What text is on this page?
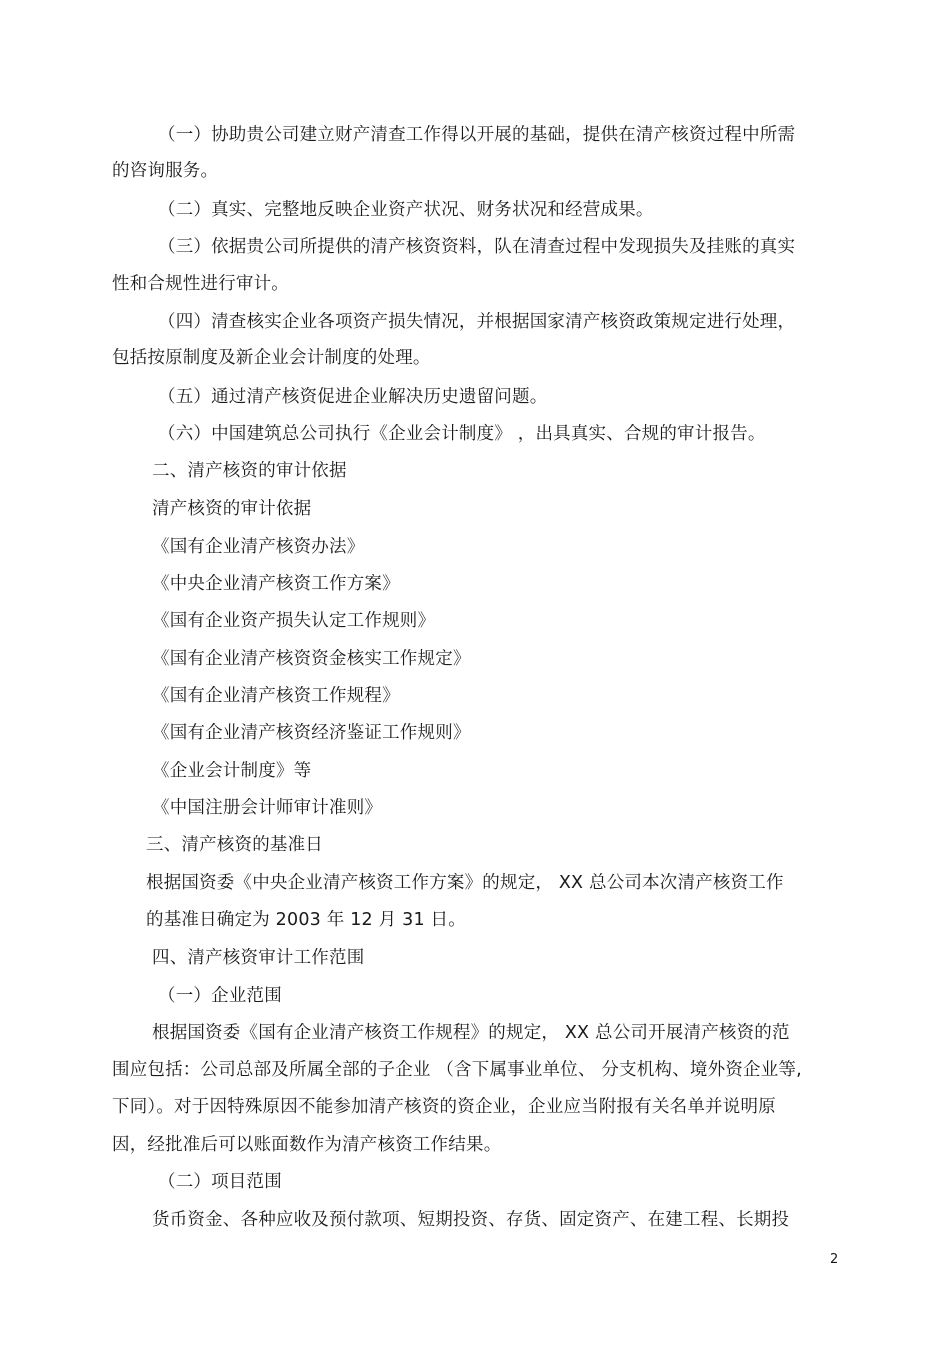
（一）协助贵公司建立财产清查工作得以开展的基础，提供在清产核资过程中所需
的咨询服务。
（二）真实、完整地反映企业资产状况、财务状况和经营成果。
（三）依据贵公司所提供的清产核资资料，队在清查过程中发现损失及挂账的真实
性和合规性进行审计。
（四）清查核实企业各项资产损失情况，并根据国家清产核资政策规定进行处理，
包括按原制度及新企业会计制度的处理。
（五）通过清产核资促进企业解决历史遗留问题。
（六）中国建筑总公司执行《企业会计制度》 ，出具真实、合规的审计报告。
二、清产核资的审计依据
清产核资的审计依据
《国有企业清产核资办法》
《中央企业清产核资工作方案》
《国有企业资产损失认定工作规则》
《国有企业清产核资资金核实工作规定》
《国有企业清产核资工作规程》
《国有企业清产核资经济鉴证工作规则》
《企业会计制度》等
《中国注册会计师审计准则》
三、清产核资的基准日
根据国资委《中央企业清产核资工作方案》的规定， XX 总公司本次清产核资工作
的基准日确定为 2003 年 12 月 31 日。
四、清产核资审计工作范围
（一）企业范围
根据国资委《国有企业清产核资工作规程》的规定， XX 总公司开展清产核资的范
围应包括：公司总部及所属全部的子企业 （含下属事业单位、 分支机构、境外资企业等,
下同）。对于因特殊原因不能参加清产核资的资企业，企业应当附报有关名单并说明原
因，经批准后可以账面数作为清产核资工作结果。
（二）项目范围
货币资金、各种应收及预付款项、短期投资、存货、固定资产、在建工程、长期投
2
